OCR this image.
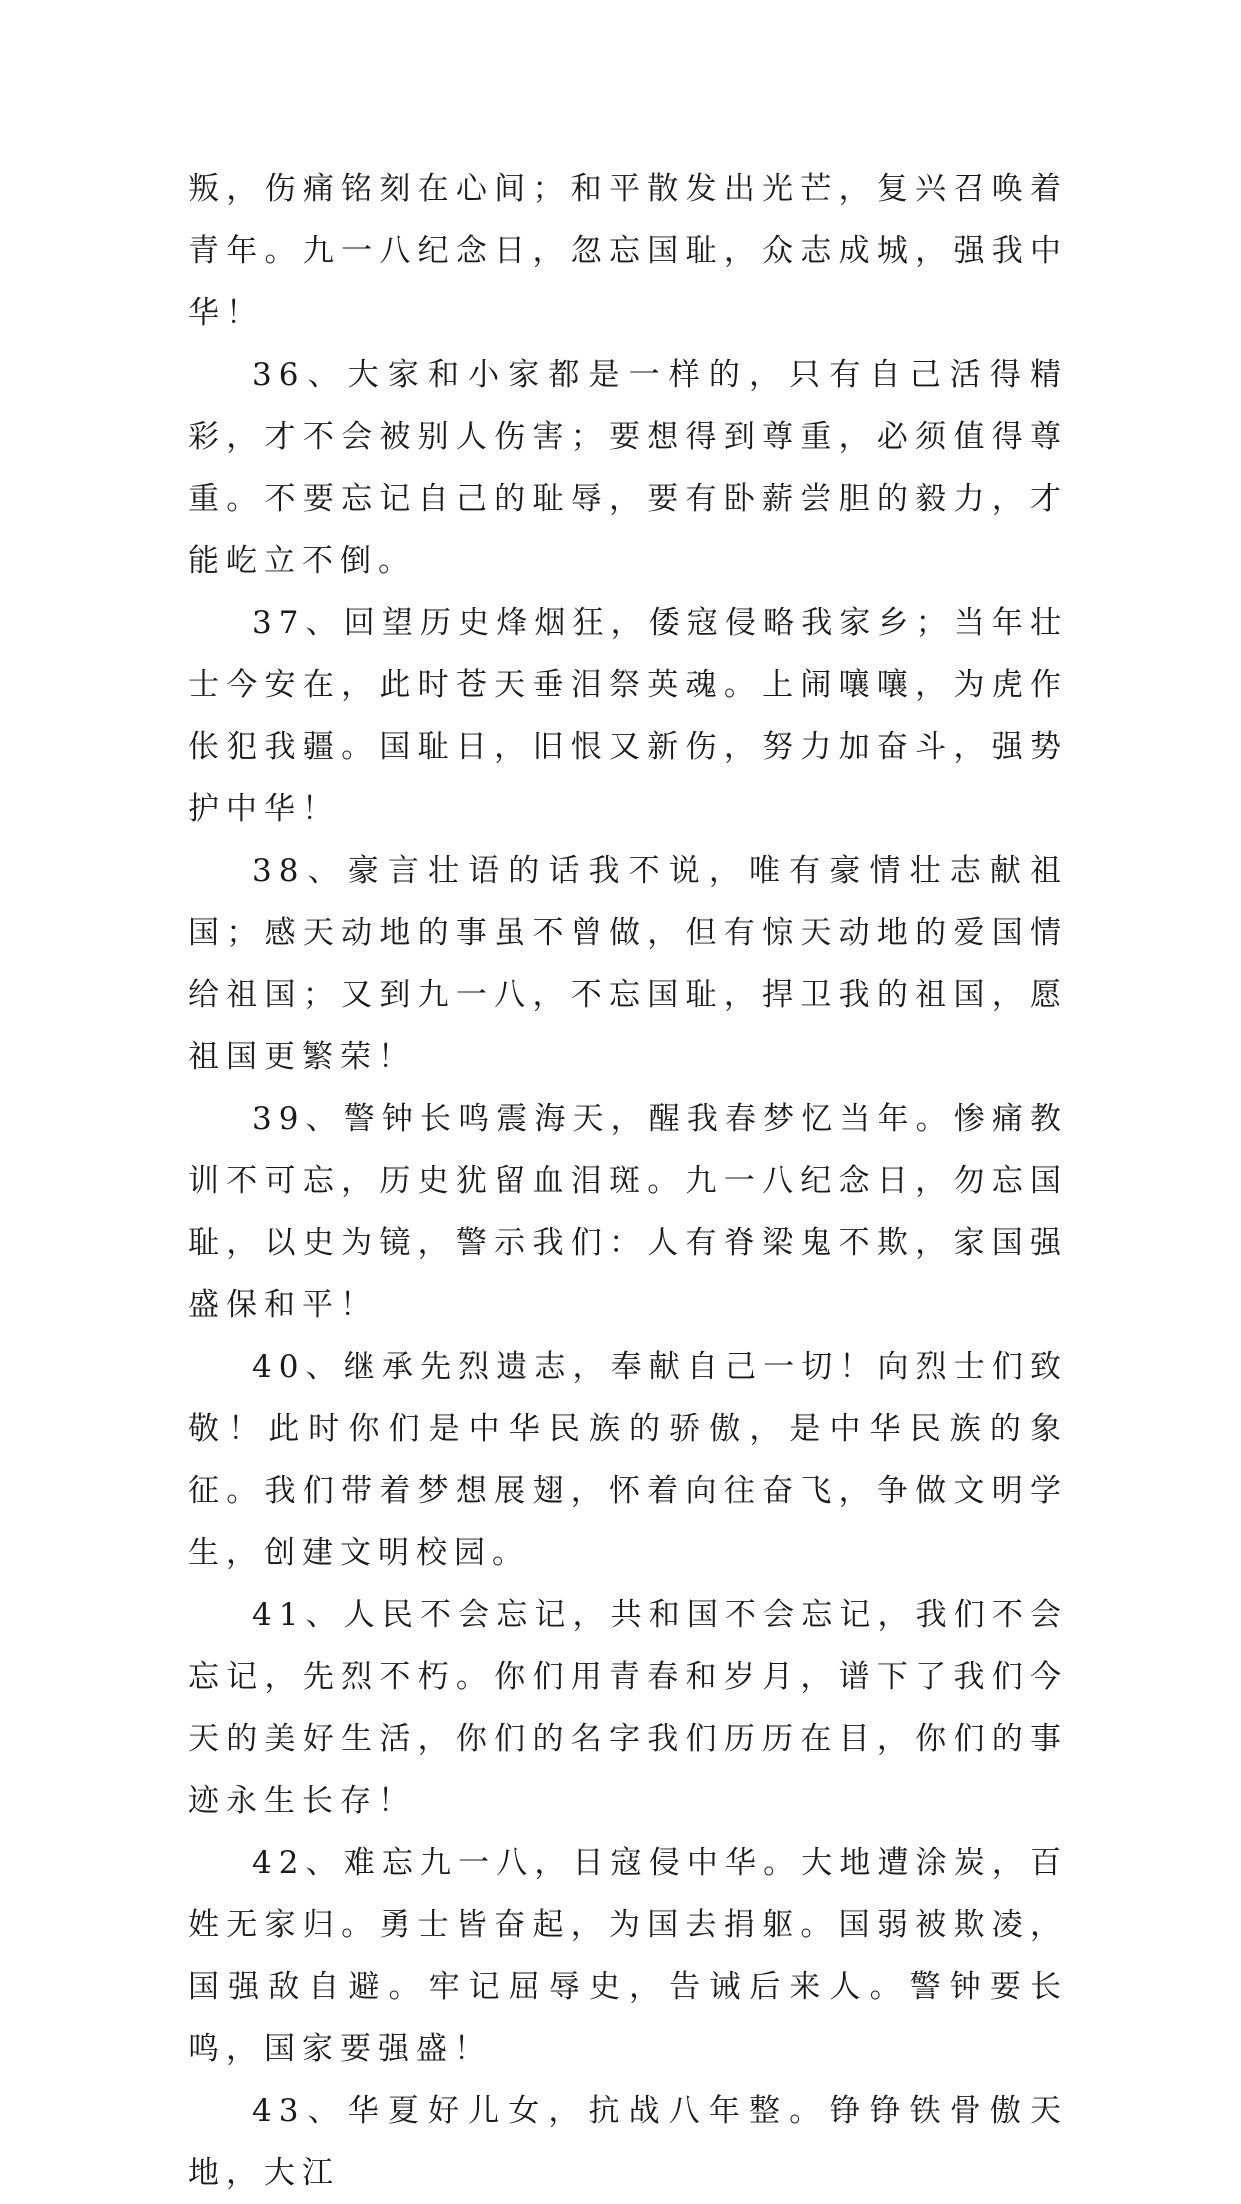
叛，伤痛铭刻在心间；和平散发出光芒，复兴召唤着青年。九一八纪念日，忽忘国耻，众志成城，强我中华！

36、大家和小家都是一样的，只有自己活得精彩，才不会被别人伤害；要想得到尊重，必须值得尊重。不要忘记自己的耻辱，要有卧薪尝胆的毅力，才能屹立不倒。

37、回望历史烽烟狂，倭寇侵略我家乡；当年壮士今安在，此时苍天垂泪祭英魂。上闹嚷嚷，为虎作伥犯我疆。国耻日，旧恨又新伤，努力加奋斗，强势护中华！

38、豪言壮语的话我不说，唯有豪情壮志献祖国；感天动地的事虽不曾做，但有惊天动地的爱国情给祖国；又到九一八，不忘国耻，捍卫我的祖国，愿祖国更繁荣！

39、警钟长鸣震海天，醒我春梦忆当年。惨痛教训不可忘，历史犹留血泪斑。九一八纪念日，勿忘国耻，以史为镜，警示我们：人有脊梁鬼不欺，家国强盛保和平！

40、继承先烈遗志，奉献自己一切！向烈士们致敬！此时你们是中华民族的骄傲，是中华民族的象征。我们带着梦想展翅，怀着向往奋飞，争做文明学生，创建文明校园。

41、人民不会忘记，共和国不会忘记，我们不会忘记，先烈不朽。你们用青春和岁月，谱下了我们今天的美好生活，你们的名字我们历历在目，你们的事迹永生长存！

42、难忘九一八，日寇侵中华。大地遭涂炭，百姓无家归。勇士皆奋起，为国去捐躯。国弱被欺凌，国强敌自避。牢记屈辱史，告诫后来人。警钟要长鸣，国家要强盛！

43、华夏好儿女，抗战八年整。铮铮铁骨傲天地，大江
